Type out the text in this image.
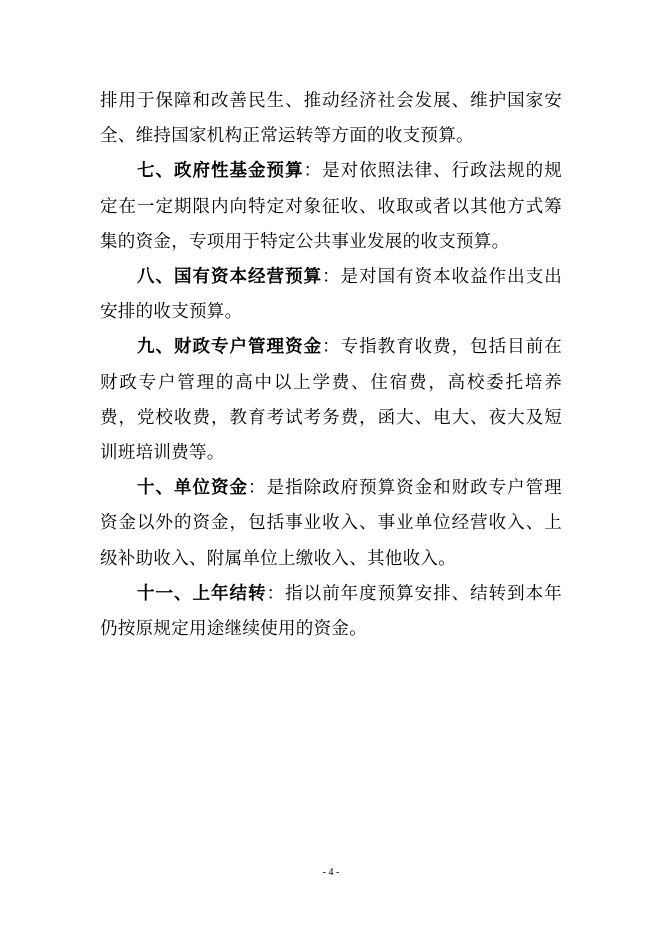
排用于保障和改善民生、推动经济社会发展、维护国家安全、维持国家机构正常运转等方面的收支预算。

七、政府性基金预算：是对依照法律、行政法规的规定在一定期限内向特定对象征收、收取或者以其他方式筹集的资金，专项用于特定公共事业发展的收支预算。

八、国有资本经营预算：是对国有资本收益作出支出安排的收支预算。

九、财政专户管理资金：专指教育收费，包括目前在财政专户管理的高中以上学费、住宿费，高校委托培养费，党校收费，教育考试考务费，函大、电大、夜大及短训班培训费等。

十、单位资金：是指除政府预算资金和财政专户管理资金以外的资金，包括事业收入、事业单位经营收入、上级补助收入、附属单位上缴收入、其他收入。

十一、上年结转：指以前年度预算安排、结转到本年仍按原规定用途继续使用的资金。

- 4 -
